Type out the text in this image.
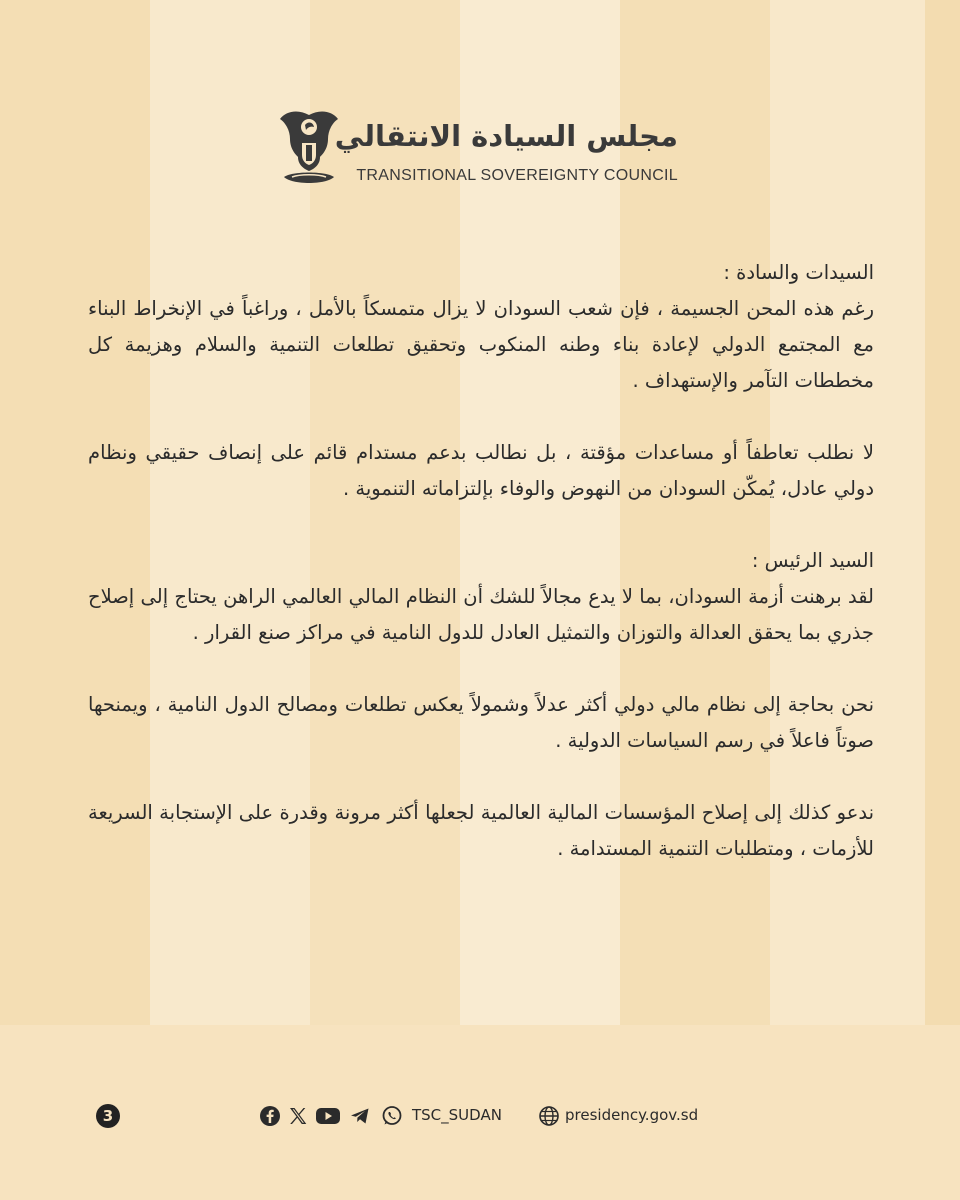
مجلس السيادة الانتقالي
TRANSITIONAL SOVEREIGNTY COUNCIL

السيدات والسادة :

رغم هذه المحن الجسيمة ، فإن شعب السودان لا يزال متمسكاً بالأمل ، وراغباً في الإنخراط البناء مع المجتمع الدولي لإعادة بناء وطنه المنكوب وتحقيق تطلعات التنمية والسلام وهزيمة كل مخططات التآمر والإستهداف .

لا نطلب تعاطفاً أو مساعدات مؤقتة ، بل نطالب بدعم مستدام قائم على إنصاف حقيقي ونظام دولي عادل، يُمكّن السودان من النهوض والوفاء بإلتزاماته التنموية .

السيد الرئيس :

لقد برهنت أزمة السودان، بما لا يدع مجالاً للشك أن النظام المالي العالمي الراهن يحتاج إلى إصلاح جذري بما يحقق العدالة والتوزان والتمثيل العادل للدول النامية في مراكز صنع القرار .

نحن بحاجة إلى نظام مالي دولي أكثر عدلاً وشمولاً يعكس تطلعات ومصالح الدول النامية ، ويمنحها صوتاً فاعلاً في رسم السياسات الدولية .

ندعو كذلك إلى إصلاح المؤسسات المالية العالمية لجعلها أكثر مرونة وقدرة على الإستجابة السريعة للأزمات ، ومتطلبات التنمية المستدامة .

3	TSC_SUDAN	presidency.gov.sd
